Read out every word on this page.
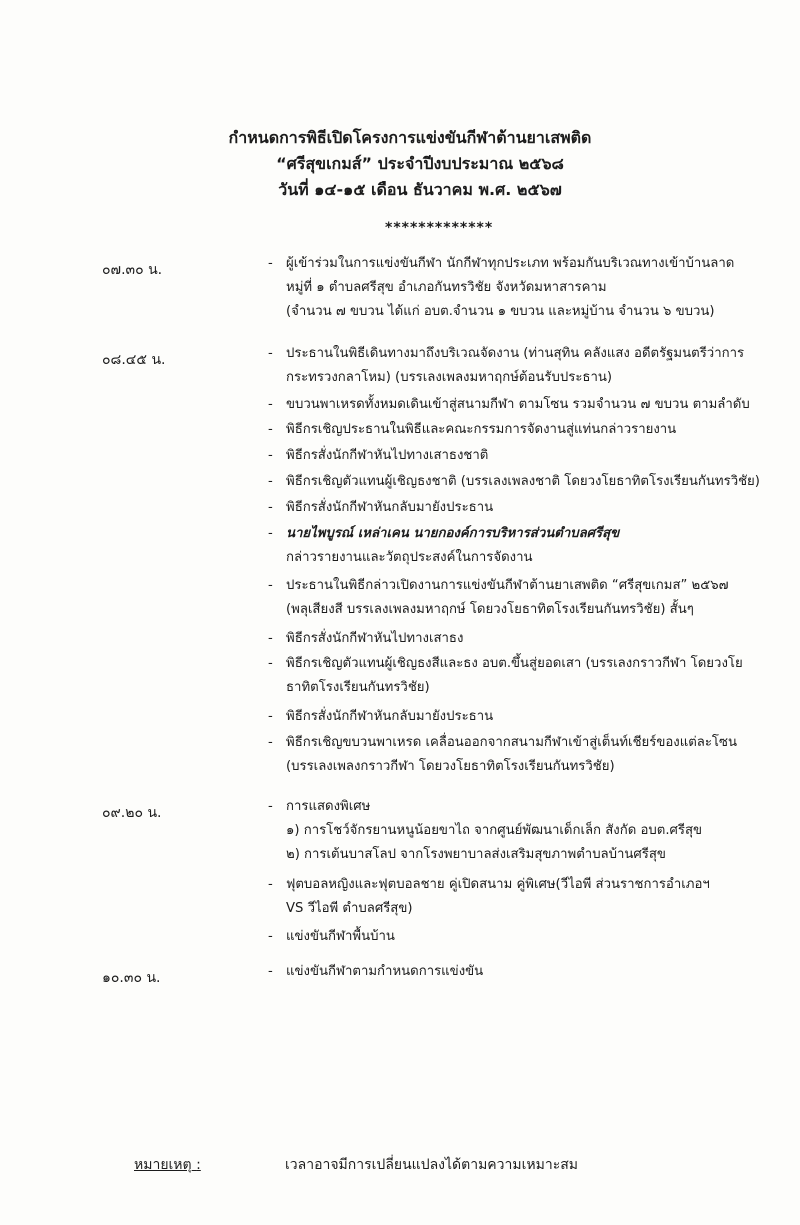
กำหนดการพิธีเปิดโครงการแข่งขันกีฬาต้านยาเสพติด
“ศรีสุขเกมส์” ประจำปีงบประมาณ ๒๕๖๘
วันที่ ๑๔-๑๕ เดือน ธันวาคม พ.ศ. ๒๕๖๗
*************
๐๗.๓๐ น.	- ผู้เข้าร่วมในการแข่งขันกีฬา นักกีฬาทุกประเภท พร้อมกันบริเวณทางเข้าบ้านลาด
หมู่ที่ ๑ ตำบลศรีสุข อำเภอกันทรวิชัย จังหวัดมหาสารคาม
(จำนวน ๗ ขบวน ได้แก่ อบต.จำนวน ๑ ขบวน และหมู่บ้าน จำนวน ๖ ขบวน)
๐๘.๔๕ น.	- ประธานในพิธีเดินทางมาถึงบริเวณจัดงาน (ท่านสุทิน คลังแสง อดีตรัฐมนตรีว่าการ
กระทรวงกลาโหม) (บรรเลงเพลงมหาฤกษ์ต้อนรับประธาน)
- ขบวนพาเหรดทั้งหมดเดินเข้าสู่สนามกีฬา ตามโซน รวมจำนวน ๗ ขบวน ตามลำดับ
- พิธีกรเชิญประธานในพิธีและคณะกรรมการจัดงานสู่แท่นกล่าวรายงาน
- พิธีกรสั่งนักกีฬาหันไปทางเสาธงชาติ
- พิธีกรเชิญตัวแทนผู้เชิญธงชาติ (บรรเลงเพลงชาติ โดยวงโยธาทิตโรงเรียนกันทรวิชัย)
- พิธีกรสั่งนักกีฬาหันกลับมายังประธาน
- นายไพบูรณ์ เหล่าเคน นายกองค์การบริหารส่วนตำบลศรีสุข
กล่าวรายงานและวัตถุประสงค์ในการจัดงาน
- ประธานในพิธีกล่าวเปิดงานการแข่งขันกีฬาต้านยาเสพติด “ศรีสุขเกมส” ๒๕๖๗
(พลุเสียงสี บรรเลงเพลงมหาฤกษ์ โดยวงโยธาทิตโรงเรียนกันทรวิชัย) สั้นๆ
- พิธีกรสั่งนักกีฬาหันไปทางเสาธง
- พิธีกรเชิญตัวแทนผู้เชิญธงสีและธง อบต.ขึ้นสู่ยอดเสา (บรรเลงกราวกีฬา โดยวงโย
ธาทิตโรงเรียนกันทรวิชัย)
- พิธีกรสั่งนักกีฬาหันกลับมายังประธาน
- พิธีกรเชิญขบวนพาเหรด เคลื่อนออกจากสนามกีฬาเข้าสู่เต็นท์เชียร์ของแต่ละโซน
(บรรเลงเพลงกราวกีฬา โดยวงโยธาทิตโรงเรียนกันทรวิชัย)
๐๙.๒๐ น.	- การแสดงพิเศษ
๑) การโชว์จักรยานหนูน้อยขาไถ จากศูนย์พัฒนาเด็กเล็ก สังกัด อบต.ศรีสุข
๒) การเต้นบาสโลป จากโรงพยาบาลส่งเสริมสุขภาพตำบลบ้านศรีสุข
- ฟุตบอลหญิงและฟุตบอลชาย คู่เปิดสนาม คู่พิเศษ(วีไอพี ส่วนราชการอำเภอฯ
VS วีไอพี ตำบลศรีสุข)
- แข่งขันกีฬาพื้นบ้าน
๑๐.๓๐ น.	- แข่งขันกีฬาตามกำหนดการแข่งขัน
หมายเหตุ :	เวลาอาจมีการเปลี่ยนแปลงได้ตามความเหมาะสม
